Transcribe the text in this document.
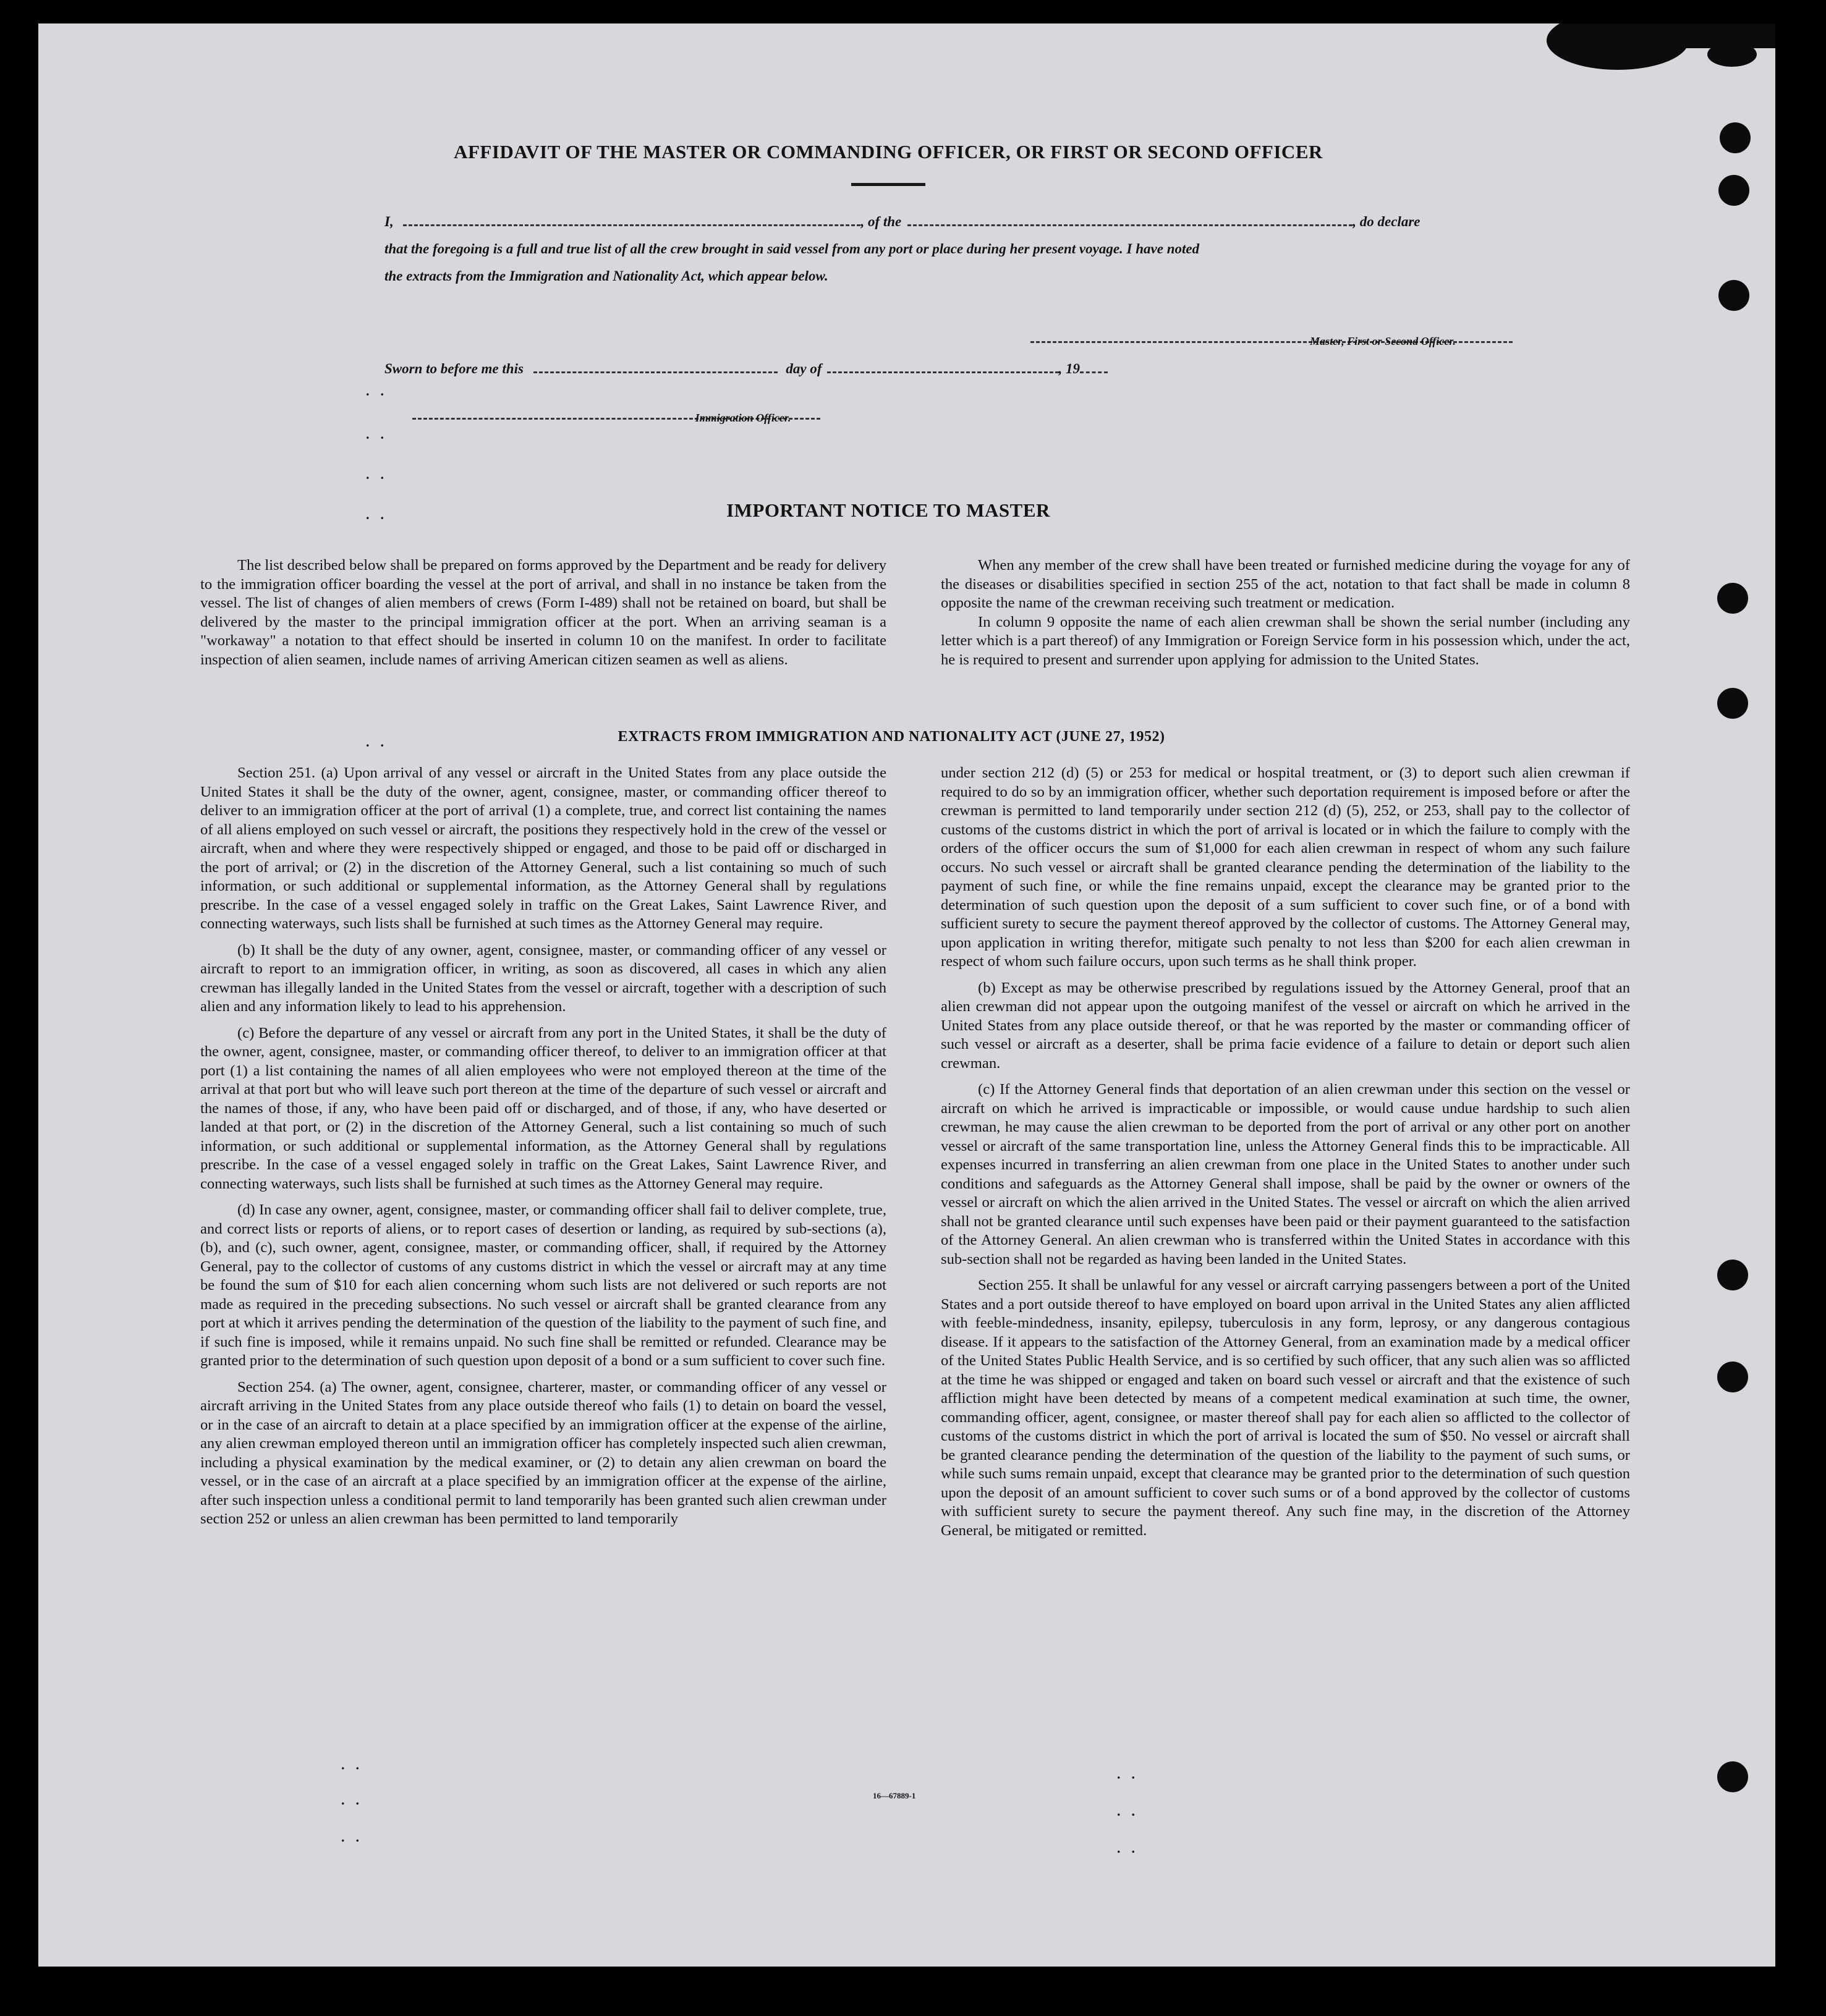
AFFIDAVIT OF THE MASTER OR COMMANDING OFFICER, OR FIRST OR SECOND OFFICER
I,	, of the	, do declare
that the foregoing is a full and true list of all the crew brought in said vessel from any port or place during her present voyage. I have noted
the extracts from the Immigration and Nationality Act, which appear below.
Master, First or Second Officer.
Sworn to before me this	day of	, 19
Immigration Officer.
..
..
..
..
..
..
..
..
..
..
..
IMPORTANT NOTICE TO MASTER

The list described below shall be prepared on forms approved by the Department and be ready for delivery to the immigration officer boarding the vessel at the port of arrival, and shall in no instance be taken from the vessel. The list of changes of alien members of crews (Form I-489) shall not be retained on board, but shall be delivered by the master to the principal immigration officer at the port. When an arriving seaman is a "workaway" a notation to that effect should be inserted in column 10 on the manifest. In order to facilitate inspection of alien seamen, include names of arriving American citizen seamen as well as aliens.

When any member of the crew shall have been treated or furnished medicine during the voyage for any of the diseases or disabilities specified in section 255 of the act, notation to that fact shall be made in column 8 opposite the name of the crewman receiving such treatment or medication.

In column 9 opposite the name of each alien crewman shall be shown the serial number (including any letter which is a part thereof) of any Immigration or Foreign Service form in his possession which, under the act, he is required to present and surrender upon applying for admission to the United States.

EXTRACTS FROM IMMIGRATION AND NATIONALITY ACT (JUNE 27, 1952)

Section 251. (a) Upon arrival of any vessel or aircraft in the United States from any place outside the United States it shall be the duty of the owner, agent, consignee, master, or commanding officer thereof to deliver to an immigration officer at the port of arrival (1) a complete, true, and correct list containing the names of all aliens employed on such vessel or aircraft, the positions they respectively hold in the crew of the vessel or aircraft, when and where they were respectively shipped or engaged, and those to be paid off or discharged in the port of arrival; or (2) in the discretion of the Attorney General, such a list containing so much of such information, or such additional or supplemental information, as the Attorney General shall by regulations prescribe. In the case of a vessel engaged solely in traffic on the Great Lakes, Saint Lawrence River, and connecting waterways, such lists shall be furnished at such times as the Attorney General may require.

(b) It shall be the duty of any owner, agent, consignee, master, or commanding officer of any vessel or aircraft to report to an immigration officer, in writing, as soon as discovered, all cases in which any alien crewman has illegally landed in the United States from the vessel or aircraft, together with a description of such alien and any information likely to lead to his apprehension.

(c) Before the departure of any vessel or aircraft from any port in the United States, it shall be the duty of the owner, agent, consignee, master, or commanding officer thereof, to deliver to an immigration officer at that port (1) a list containing the names of all alien employees who were not employed thereon at the time of the arrival at that port but who will leave such port thereon at the time of the departure of such vessel or aircraft and the names of those, if any, who have been paid off or discharged, and of those, if any, who have deserted or landed at that port, or (2) in the discretion of the Attorney General, such a list containing so much of such information, or such additional or supplemental information, as the Attorney General shall by regulations prescribe. In the case of a vessel engaged solely in traffic on the Great Lakes, Saint Lawrence River, and connecting waterways, such lists shall be furnished at such times as the Attorney General may require.

(d) In case any owner, agent, consignee, master, or commanding officer shall fail to deliver complete, true, and correct lists or reports of aliens, or to report cases of desertion or landing, as required by sub-sections (a), (b), and (c), such owner, agent, consignee, master, or commanding officer, shall, if required by the Attorney General, pay to the collector of customs of any customs district in which the vessel or aircraft may at any time be found the sum of $10 for each alien concerning whom such lists are not delivered or such reports are not made as required in the preceding subsections. No such vessel or aircraft shall be granted clearance from any port at which it arrives pending the determination of the question of the liability to the payment of such fine, and if such fine is imposed, while it remains unpaid. No such fine shall be remitted or refunded. Clearance may be granted prior to the determination of such question upon deposit of a bond or a sum sufficient to cover such fine.

Section 254. (a) The owner, agent, consignee, charterer, master, or commanding officer of any vessel or aircraft arriving in the United States from any place outside thereof who fails (1) to detain on board the vessel, or in the case of an aircraft to detain at a place specified by an immigration officer at the expense of the airline, any alien crewman employed thereon until an immigration officer has completely inspected such alien crewman, including a physical examination by the medical examiner, or (2) to detain any alien crewman on board the vessel, or in the case of an aircraft at a place specified by an immigration officer at the expense of the airline, after such inspection unless a conditional permit to land temporarily has been granted such alien crewman under section 252 or unless an alien crewman has been permitted to land temporarily

under section 212 (d) (5) or 253 for medical or hospital treatment, or (3) to deport such alien crewman if required to do so by an immigration officer, whether such deportation requirement is imposed before or after the crewman is permitted to land temporarily under section 212 (d) (5), 252, or 253, shall pay to the collector of customs of the customs district in which the port of arrival is located or in which the failure to comply with the orders of the officer occurs the sum of $1,000 for each alien crewman in respect of whom any such failure occurs. No such vessel or aircraft shall be granted clearance pending the determination of the liability to the payment of such fine, or while the fine remains unpaid, except the clearance may be granted prior to the determination of such question upon the deposit of a sum sufficient to cover such fine, or of a bond with sufficient surety to secure the payment thereof approved by the collector of customs. The Attorney General may, upon application in writing therefor, mitigate such penalty to not less than $200 for each alien crewman in respect of whom such failure occurs, upon such terms as he shall think proper.

(b) Except as may be otherwise prescribed by regulations issued by the Attorney General, proof that an alien crewman did not appear upon the outgoing manifest of the vessel or aircraft on which he arrived in the United States from any place outside thereof, or that he was reported by the master or commanding officer of such vessel or aircraft as a deserter, shall be prima facie evidence of a failure to detain or deport such alien crewman.

(c) If the Attorney General finds that deportation of an alien crewman under this section on the vessel or aircraft on which he arrived is impracticable or impossible, or would cause undue hardship to such alien crewman, he may cause the alien crewman to be deported from the port of arrival or any other port on another vessel or aircraft of the same transportation line, unless the Attorney General finds this to be impracticable. All expenses incurred in transferring an alien crewman from one place in the United States to another under such conditions and safeguards as the Attorney General shall impose, shall be paid by the owner or owners of the vessel or aircraft on which the alien arrived in the United States. The vessel or aircraft on which the alien arrived shall not be granted clearance until such expenses have been paid or their payment guaranteed to the satisfaction of the Attorney General. An alien crewman who is transferred within the United States in accordance with this sub-section shall not be regarded as having been landed in the United States.

Section 255. It shall be unlawful for any vessel or aircraft carrying passengers between a port of the United States and a port outside thereof to have employed on board upon arrival in the United States any alien afflicted with feeble-mindedness, insanity, epilepsy, tuberculosis in any form, leprosy, or any dangerous contagious disease. If it appears to the satisfaction of the Attorney General, from an examination made by a medical officer of the United States Public Health Service, and is so certified by such officer, that any such alien was so afflicted at the time he was shipped or engaged and taken on board such vessel or aircraft and that the existence of such affliction might have been detected by means of a competent medical examination at such time, the owner, commanding officer, agent, consignee, or master thereof shall pay for each alien so afflicted to the collector of customs of the customs district in which the port of arrival is located the sum of $50. No vessel or aircraft shall be granted clearance pending the determination of the question of the liability to the payment of such sums, or while such sums remain unpaid, except that clearance may be granted prior to the determination of such question upon the deposit of an amount sufficient to cover such sums or of a bond approved by the collector of customs with sufficient surety to secure the payment thereof. Any such fine may, in the discretion of the Attorney General, be mitigated or remitted.

16—67889-1
